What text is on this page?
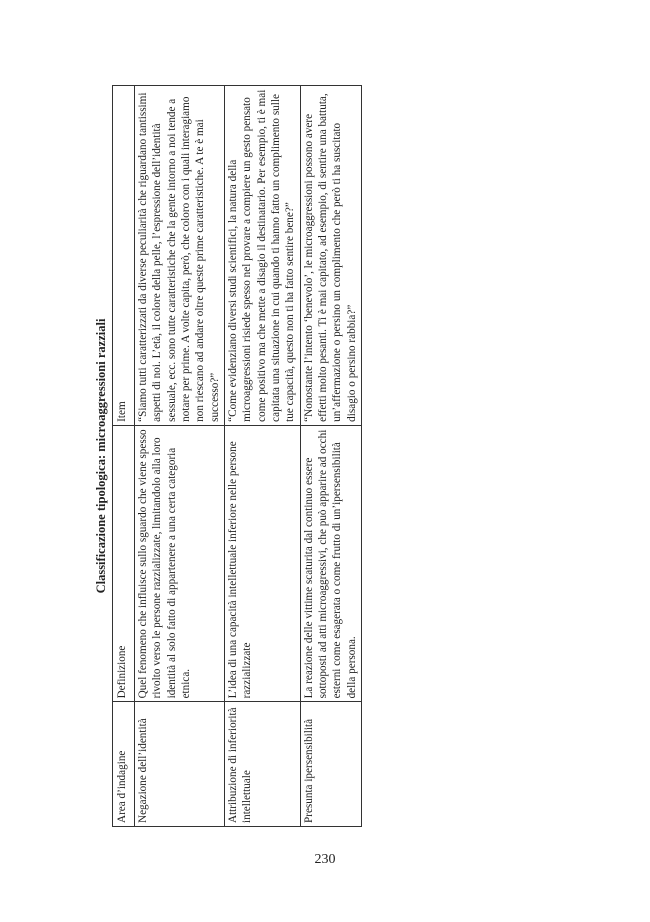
Classificazione tipologica: microaggressioni razziali
Area d’indagine	Definizione	Item
Negazione dell’identità	Quel fenomeno che influisce sullo sguardo che viene spesso rivolto verso le persone razzializzate, limitandolo alla loro identità al solo fatto di appartenere a una certa categoria etnica.	“Siamo tutti caratterizzati da diverse peculiarità che riguardano tantissimi aspetti di noi. L’età, il colore della pelle, l’espressione dell’identità sessuale, ecc. sono tutte caratteristiche che la gente intorno a noi tende a notare per prime. A volte capita, però, che coloro con i quali interagiamo non riescano ad andare oltre queste prime caratteristiche. A te è mai successo?”
Attribuzione di inferiorità intellettuale	L’idea di una capacità intellettuale inferiore nelle persone razzializzate	“Come evidenziano diversi studi scientifici, la natura della microaggressioni risiede spesso nel provare a compiere un gesto pensato come positivo ma che mette a disagio il destinatario. Per esempio, ti è mai capitata una situazione in cui quando ti hanno fatto un complimento sulle tue capacità, questo non ti ha fatto sentire bene?”
Presunta ipersensibilità	La reazione delle vittime scaturita dal continuo essere sottoposti ad atti microaggressivi, che può apparire ad occhi esterni come esagerata o come frutto di un’ipersensibilità della persona.	“Nonostante l’intento ‘benevolo’, le microaggressioni possono avere effetti molto pesanti. Ti è mai capitato, ad esempio, di sentire una battuta, un’affermazione o persino un complimento che però ti ha suscitato disagio o persino rabbia?”
230
